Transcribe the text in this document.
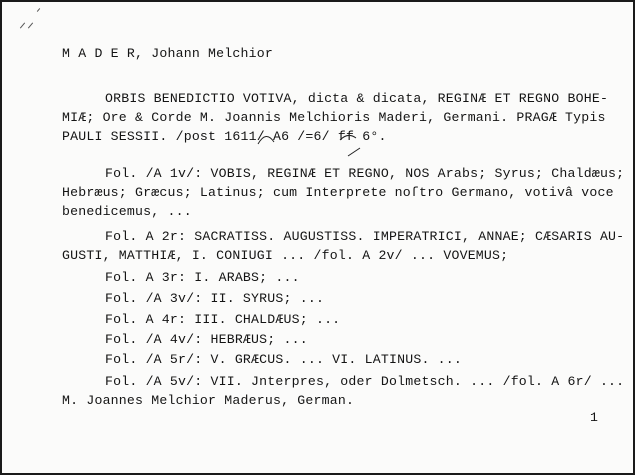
M A D E R, Johann Melchior
ORBIS BENEDICTIO VOTIVA, dicta & dicata, REGINÆ ET REGNO BOHE-
MIÆ; Ore & Corde M. Joannis Melchioris Maderi, Germani. PRAGÆ Typis
PAULI SESSII. /post 1611/ A6 /=6/ ff 6°.
Fol. /A 1v/: VOBIS, REGINÆ ET REGNO, NOS Arabs; Syrus; Chaldæus;
Hebræus; Græcus; Latinus; cum Interprete noſtro Germano, votivâ voce
benedicemus, ...
Fol. A 2r: SACRATISS. AUGUSTISS. IMPERATRICI, ANNAE; CÆSARIS AU-
GUSTI, MATTHIÆ, I. CONIUGI ... /fol. A 2v/ ... VOVEMUS;
Fol. A 3r: I. ARABS; ...
Fol. /A 3v/: II. SYRUS; ...
Fol. A 4r: III. CHALDÆUS; ...
Fol. /A 4v/: HEBRÆUS; ...
Fol. /A 5r/: V. GRÆCUS. ... VI. LATINUS. ...
Fol. /A 5v/: VII. Jnterpres, oder Dolmetsch. ... /fol. A 6r/ ...
M. Joannes Melchior Maderus, German.
1
